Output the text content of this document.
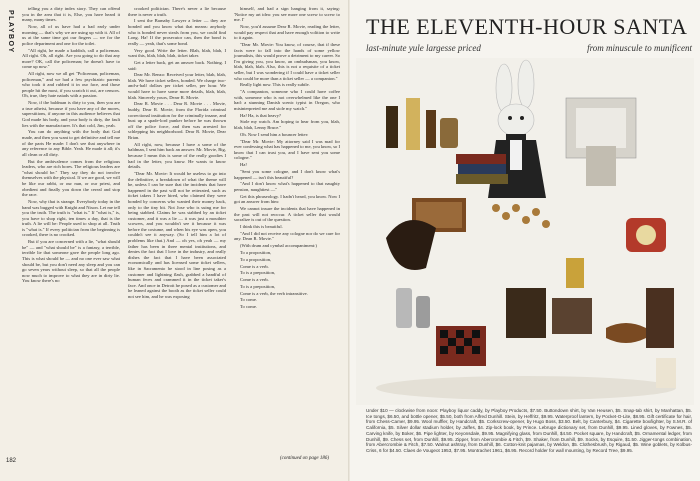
PLAYBOY

telling you a dirty index story. They can offend you in the area that it is, Else, you have heard it many, many times.

Now, all of us have had a bad early under morning — that's why we are using up with it. All of us at the same time got our fingers — we for the police department and one for the toilet.

"All right, he made a kaddish, call a policeman. All right. Oh, all right. Are you going to do that any more? OK, call the policeman; he doesn't have to come up now."

All right, now we all get "Policeman, policeman, policeman," and we had a few psychiatric parents who took it and rubbed it in our face, and those people hit the most, if you scratch it out, are censors. Oh, true, they hate naiads with a passion.

Now, if the baldman is dirty to you, then you are a true atheist, because if you have any of the mores, superstitions, if anyone in this audience believes that God made his body, and your body is dirty, the fault lies with the manufacturer. It's that cold, Jim, yeah.

You can do anything with the body that God made, and then you want to get definitive and tell me of the parts He made: I don't see that anywhere in any reference to any Bible. Yeah. He made it all; it's all clean or all dirty.

But the ambivalence comes from the religious leaders, who are rich bores. The religious leaders are "what should be." They say they do not involve themselves with the physical. If we are good, we will be like our rabbi, or our nun, or our priest, and obedient and finally you down the cereal and stop the race.

Now, why that is strange. Everybody today in the band was bugged with Knight and Nixon. Let me tell you the truth. The truth is "what is." If "what is," is, you have to shop right, ten times a day, that is the truth. A lie will be: People used to shop at all. Truth is "what is." If every politician from the beginning is crooked, there is no crooked.

But if you are concerned with a lie, "what should be" — and "what should be" is a fantasy, a terrible, terrible lie that someone gave the people long ago. This is what should be — and no one ever saw what should be, but you don't need any sleep and you can go seven years without sleep, so that all the people now much to improve to what they are in dirty lie. You know there's no

crooked politician. There's never a lie because there is never a truth.

I sent the Barnaby Lawyer a letter — they are bonded and you know what that means: anybody who is bonded never steals from you, we could find Long. Ha! If the prosecutor can, then the bond is really — yeah, that's some bond.

Very good. Write the letter. Blah, blah, blah, I want this, blah, blah, blah, ticket taker.

Get a letter back, get an answer back. Nothing. I said:

Dear Mr. Renzo: Received your letter, blah, blah, blah. We have ticket sellers, bonded. We charge two-and-a-half dollars per ticket seller, per hour. We would have to have some more details, blah, blah, blah. Sincerely yours, Dearr R. Movie.

Dear R. Movie . . . Dear R. Movie . . . Movie, buddy, Dear R. Movie, from the Florida criminal correctional institution for the criminally insane, and bust up a spade-lord punker before he was thrown off the police force, and then was arrested for schlepping his neighborhood. Dear R. Movie, Dear Brian.

All right, now, because I have a some of the baldman, I sent him back an answer. Mr. Movie, Big, because I mean this is some of the really goodies I had in the letter, you know. He wants to know details.

"Dear Mr. Movie: It would be useless to go into the definitive, a breakdown of what the theme will be, unless I can be sure that the incidents that have happened in the past will not be reiterated, such as ticket takers I have hired, who claimed they were bonded by concerns who wanted their money back, only to the tiny bit. Not Jose who is suing me for being stabbed. Claims he was stabbed by an ticket customer, and it was a lie — it was just a mouthier scowers, and you wouldn't see it because it was before the costume, and when his eye was open, you couldn't see it anyway. (So I tell him a lot of problems like that.) And — oh yes, oh yeah — my father has been in three mental institutions, and denies the fact that I love in the industry, and really dishes the fact that I have been associated economically and has licensed some ticket sellers, like in Sacramento he stood in line posing as a customer and lightning flash, grabbed a handful of human feces and crammed it in the ticket taker's face. And once in Detroit he posed as a customer and he leaned against the booth as the ticket seller could not see him, and he was exposing

himself, and had a sign hanging from it, saying: 'Notice my art idea: you see more one screw to screw to me. I'

Now, you'd assume Dear R. Movie, reading the letter, would pay respect that and have enough volition to write to it again.

"Dear Mr. Movie: You know, of course, that if these facts were to fall into the hands of some yellow journalists, this would prove a detriment to my career. So I'm giving you, you know, an ombudsman, you know, blah, blah, blah. Also, this is not a requisite of a ticket seller, but I was wondering if I could have a ticket seller who could be more than a ticket seller — a companion."

Really light now. This is really subtle.

"A companion, someone who I could have coffee with, someone who is not overwhelmed like the one I had: a stunning Danish scenic typist in Oregon, who misinterpreted me and stole my watch."

Ha! Ha, is that heavy?

Stole my watch. Am hoping to hear from you, blah, blah, blah, Lenny Bruce."

Oh. Now I send him a bouncer letter:

"Dear Mr. Movie: My attorney said I was mad for ever confessing what has happened to me, you know, so I know that I can trust you, and I have sent you some cologne."

Ha!

"Sent you some cologne, and I don't know what's happened — isn't this beautiful?

"And I don't know what's happened to that naughty pension, naughtiest —"

Get this phraseology. I hadn't heard, you know. Now I got an answer from him:

We cannot insure the incidents that have happened in the past will not reoccur. A ticket seller that would sacralize is out of the question.

I think this is beautiful.

"And I did not receive any cologne nor do we care for any. Dean R. Movie."

(With drum and cymbal accompaniment:)

To a proposition,

To a proposition,

Come is a verb.

To is a preposition,

Come is a verb.

To is a preposition,

Come is a verb, the verb intransitive.

To come.

To come.

(continued on page 186)
182
THE ELEVENTH-HOUR SANTA
last-minute yule largesse priced	from minuscule to munificent
Under $10 — clockwise from noon: Playboy liquor caddy, by Playboy Products, $7.50. Buttondown shirt, by Van Heusen, $5. Snap-tab shirt, by Manhattan, $5. Ice tongs, $6.50, and bottle opener, $5.50, both from Alfred Dunhill. Stein, by Heffritz, $9.95. Waterproof lantern, by Pocket-O-Lite, $8.95. Gift certificate for hair, from Chess-Camer, $9.95. Wool muffler, by Handcraft, $5. Corkscrew-opener, by Hugo Boss, $3.50. Belt, by Canterbury, $4. Cigarette box/lighter, by S.M.R. of California, $5. Silver dollar stadium holder, by Jaffes, $4. Zip-lock book, by Prince. Lebruge dictionary set, from Dunhill, $9.95. Lined gloves, by Fownes, $5. Carving knife, by Boker, $6. Pipe lighter, by Keyonsdale, $9.95. Magnifying glass, from Dunhill, $4.50. Pocket square, by Handcraft, $5. Ornamental ledger, from Dunhill, $9. Chess set, from Dunhill, $9.95. Zipper, from Abercrombie & Fitch, $9. Shaker, from Dunhill, $9. Socks, by Esquire, $1.50. Jigger-tongs combination, from Abercrombie & Fitch, $7.50. Walnut ashtray, from Dunhill, $6. Cotton-knit pajamas, by Weldon, $5. Clothesbrush, by Rigaud, $5. Wine goblets, by Kolbus-Criss, 6 for $4.50. Claes de Vougeot 1953, $7.95. Montrachet 1961, $6.95. Record holder for wall mounting, by Record Tree, $9.95.
